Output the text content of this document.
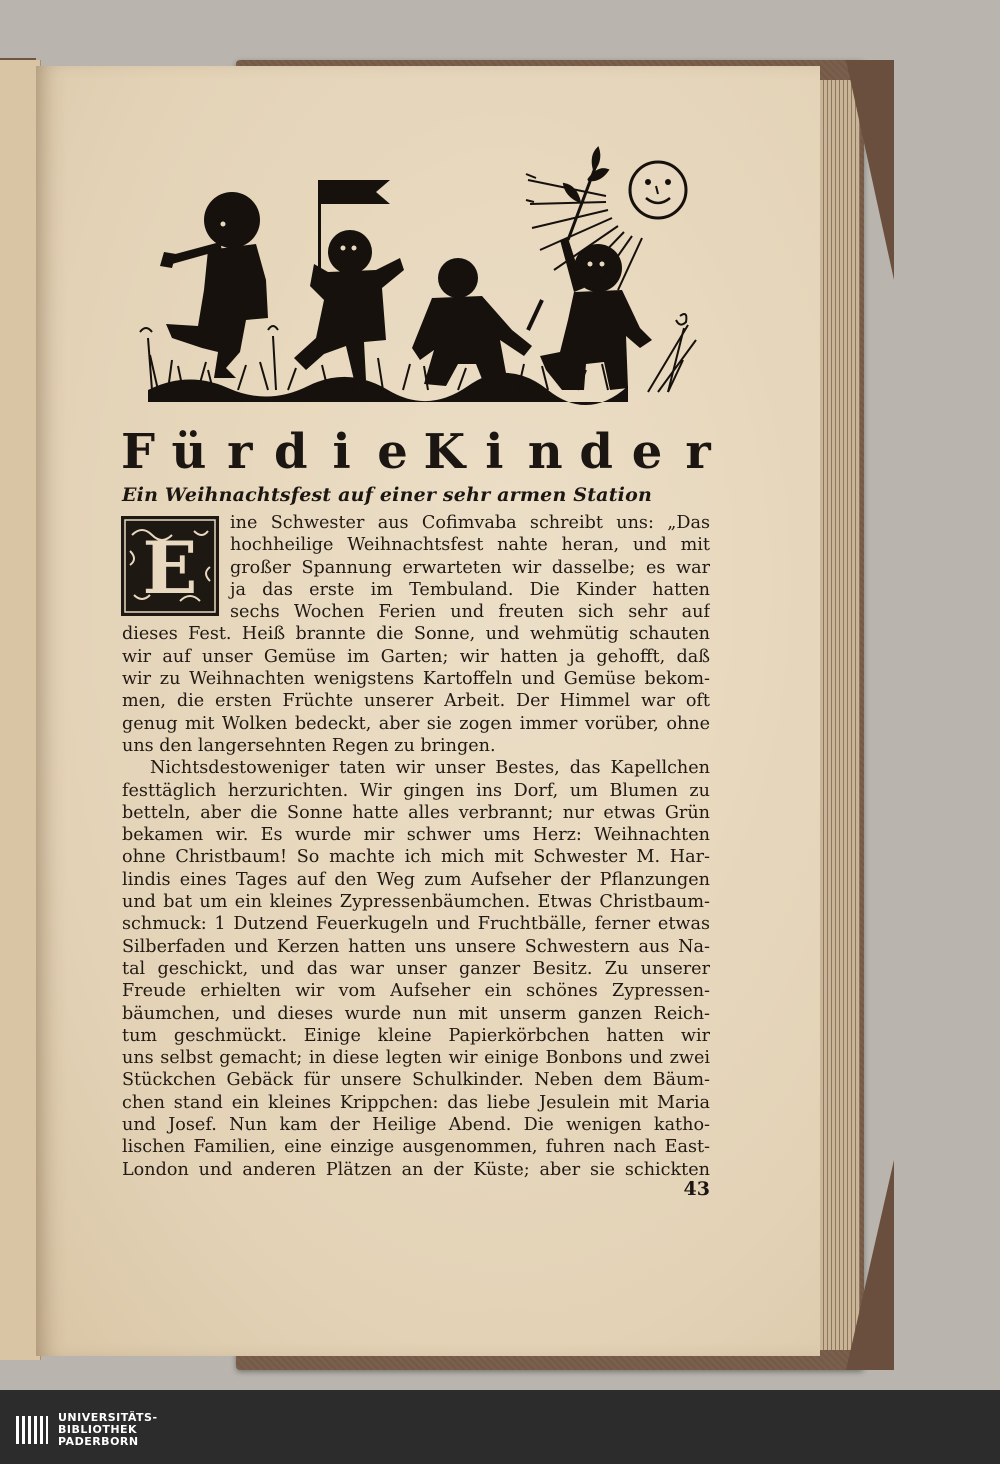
F ü r d i e K i n d e r
Ein Weihnachtsfest auf einer sehr armen Station
E
ine Schwester aus Cofimvaba schreibt uns: „Das
hochheilige Weihnachtsfest nahte heran, und mit
großer Spannung erwarteten wir dasselbe; es war
ja das erste im Tembuland. Die Kinder hatten
sechs Wochen Ferien und freuten sich sehr auf
dieses Fest. Heiß brannte die Sonne, und wehmütig schauten
wir auf unser Gemüse im Garten; wir hatten ja gehofft, daß
wir zu Weihnachten wenigstens Kartoffeln und Gemüse bekom-
men, die ersten Früchte unserer Arbeit. Der Himmel war oft
genug mit Wolken bedeckt, aber sie zogen immer vorüber, ohne
uns den langersehnten Regen zu bringen.
Nichtsdestoweniger taten wir unser Bestes, das Kapellchen
festtäglich herzurichten. Wir gingen ins Dorf, um Blumen zu
betteln, aber die Sonne hatte alles verbrannt; nur etwas Grün
bekamen wir. Es wurde mir schwer ums Herz: Weihnachten
ohne Christbaum! So machte ich mich mit Schwester M. Har-
lindis eines Tages auf den Weg zum Aufseher der Pflanzungen
und bat um ein kleines Zypressenbäumchen. Etwas Christbaum-
schmuck: 1 Dutzend Feuerkugeln und Fruchtbälle, ferner etwas
Silberfaden und Kerzen hatten uns unsere Schwestern aus Na-
tal geschickt, und das war unser ganzer Besitz. Zu unserer
Freude erhielten wir vom Aufseher ein schönes Zypressen-
bäumchen, und dieses wurde nun mit unserm ganzen Reich-
tum geschmückt. Einige kleine Papierkörbchen hatten wir
uns selbst gemacht; in diese legten wir einige Bonbons und zwei
Stückchen Gebäck für unsere Schulkinder. Neben dem Bäum-
chen stand ein kleines Krippchen: das liebe Jesulein mit Maria
und Josef. Nun kam der Heilige Abend. Die wenigen katho-
lischen Familien, eine einzige ausgenommen, fuhren nach East-
London und anderen Plätzen an der Küste; aber sie schickten
43
UNIVERSITÄTS-
BIBLIOTHEK
PADERBORN
